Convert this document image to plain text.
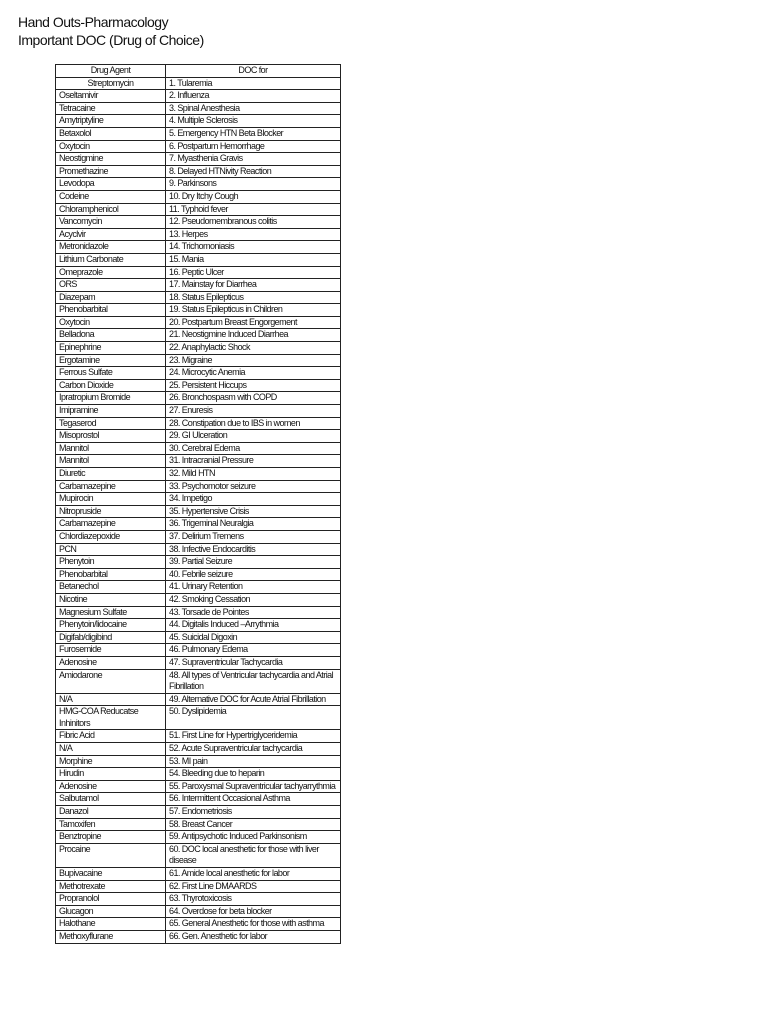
Hand Outs-Pharmacology
Important DOC (Drug of Choice)
Drug Agent	DOC for
Streptomycin	1. Tularemia
Oseltamivir	2. Influenza
Tetracaine	3. Spinal Anesthesia
Amytriptyline	4. Multiple Sclerosis
Betaxolol	5. Emergency HTN Beta Blocker
Oxytocin	6. Postpartum Hemorrhage
Neostigmine	7. Myasthenia Gravis
Promethazine	8. Delayed HTNivity Reaction
Levodopa	9. Parkinsons
Codeine	10. Dry Itchy Cough
Chloramphenicol	11. Typhoid fever
Vancomycin	12. Pseudomembranous colitis
Acyclvir	13. Herpes
Metronidazole	14. Trichomoniasis
Lithium Carbonate	15. Mania
Omeprazole	16. Peptic Ulcer
ORS	17. Mainstay for Diarrhea
Diazepam	18. Status Epilepticus
Phenobarbital	19. Status Epilepticus in Children
Oxytocin	20. Postpartum Breast Engorgement
Belladona	21. Neostigmine Induced Diarrhea
Epinephrine	22. Anaphylactic Shock
Ergotamine	23. Migraine
Ferrous Sulfate	24. Microcytic Anemia
Carbon Dioxide	25. Persistent Hiccups
Ipratropium Bromide	26. Bronchospasm with COPD
Imipramine	27. Enuresis
Tegaserod	28. Constipation due to IBS in women
Misoprostol	29. GI Ulceration
Mannitol	30. Cerebral Edema
Mannitol	31. Intracranial Pressure
Diuretic	32. Mild HTN
Carbamazepine	33. Psychomotor seizure
Mupirocin	34. Impetigo
Nitropruside	35. Hypertensive Crisis
Carbamazepine	36. Trigeminal Neuralgia
Chlordiazepoxide	37. Delirium Tremens
PCN	38. Infective Endocarditis
Phenytoin	39. Partial Seizure
Phenobarbital	40. Febrile seizure
Betanechol	41. Urinary Retention
Nicotine	42. Smoking Cessation
Magnesium Sulfate	43. Torsade de Pointes
Phenytoin/lidocaine	44. Digitalis Induced –Arrythmia
Digifab/digibind	45. Suicidal Digoxin
Furosemide	46. Pulmonary Edema
Adenosine	47. Supraventricular Tachycardia
Amiodarone	48. All types of Ventricular tachycardia and Atrial Fibrillation
N/A	49. Alternative DOC for Acute Atrial Fibrillation
HMG-COA Reducatse Inhinitors	50. Dyslipidemia
Fibric Acid	51. First Line for Hypertriglyceridemia
N/A	52. Acute Supraventricular tachycardia
Morphine	53. MI pain
Hirudin	54. Bleeding due to heparin
Adenosine	55. Paroxysmal Supraventricular tachyarrythmia
Salbutamol	56. Intermittent Occasional Asthma
Danazol	57. Endometriosis
Tamoxifen	58. Breast Cancer
Benztropine	59. Antipsychotic Induced Parkinsonism
Procaine	60. DOC local anesthetic for those with liver disease
Bupivacaine	61. Amide local anesthetic for labor
Methotrexate	62. First Line DMAARDS
Propranolol	63. Thyrotoxicosis
Glucagon	64. Overdose for beta blocker
Halothane	65. General Anesthetic for those with asthma
Methoxyflurane	66. Gen. Anesthetic for labor
